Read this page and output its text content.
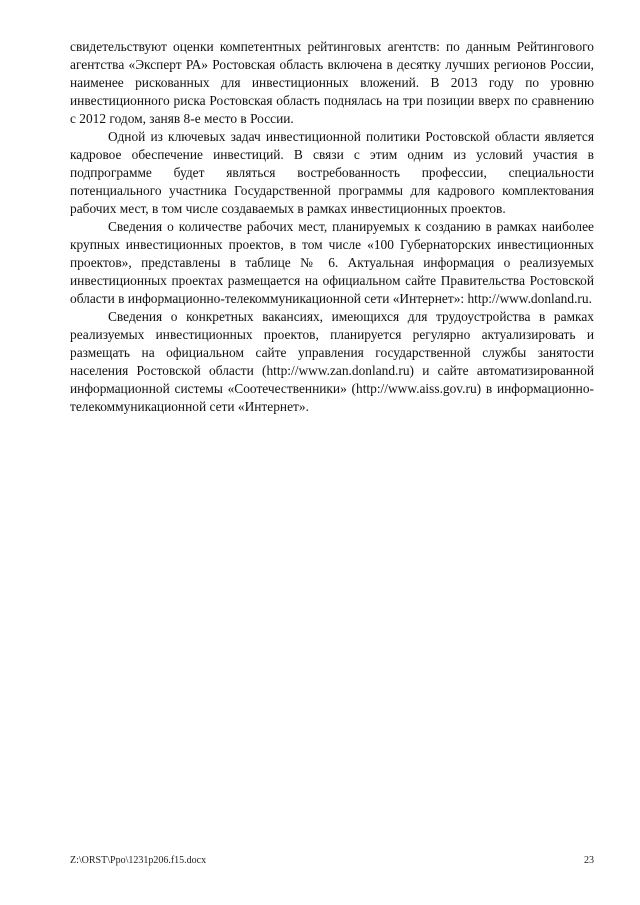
свидетельствуют оценки компетентных рейтинговых агентств: по данным Рейтингового агентства «Эксперт РА» Ростовская область включена в десятку лучших регионов России, наименее рискованных для инвестиционных вложений. В 2013 году по уровню инвестиционного риска Ростовская область поднялась на три позиции вверх по сравнению с 2012 годом, заняв 8-е место в России.

Одной из ключевых задач инвестиционной политики Ростовской области является кадровое обеспечение инвестиций. В связи с этим одним из условий участия в подпрограмме будет являться востребованность профессии, специальности потенциального участника Государственной программы для кадрового комплектования рабочих мест, в том числе создаваемых в рамках инвестиционных проектов.

Сведения о количестве рабочих мест, планируемых к созданию в рамках наиболее крупных инвестиционных проектов, в том числе «100 Губернаторских инвестиционных проектов», представлены в таблице № 6. Актуальная информация о реализуемых инвестиционных проектах размещается на официальном сайте Правительства Ростовской области в информационно-телекоммуникационной сети «Интернет»: http://www.donland.ru.

Сведения о конкретных вакансиях, имеющихся для трудоустройства в рамках реализуемых инвестиционных проектов, планируется регулярно актуализировать и размещать на официальном сайте управления государственной службы занятости населения Ростовской области (http://www.zan.donland.ru) и сайте автоматизированной информационной системы «Соотечественники» (http://www.aiss.gov.ru) в информационно-телекоммуникационной сети «Интернет».

Z:\ORST\Ppo\1231p206.f15.docx	23
